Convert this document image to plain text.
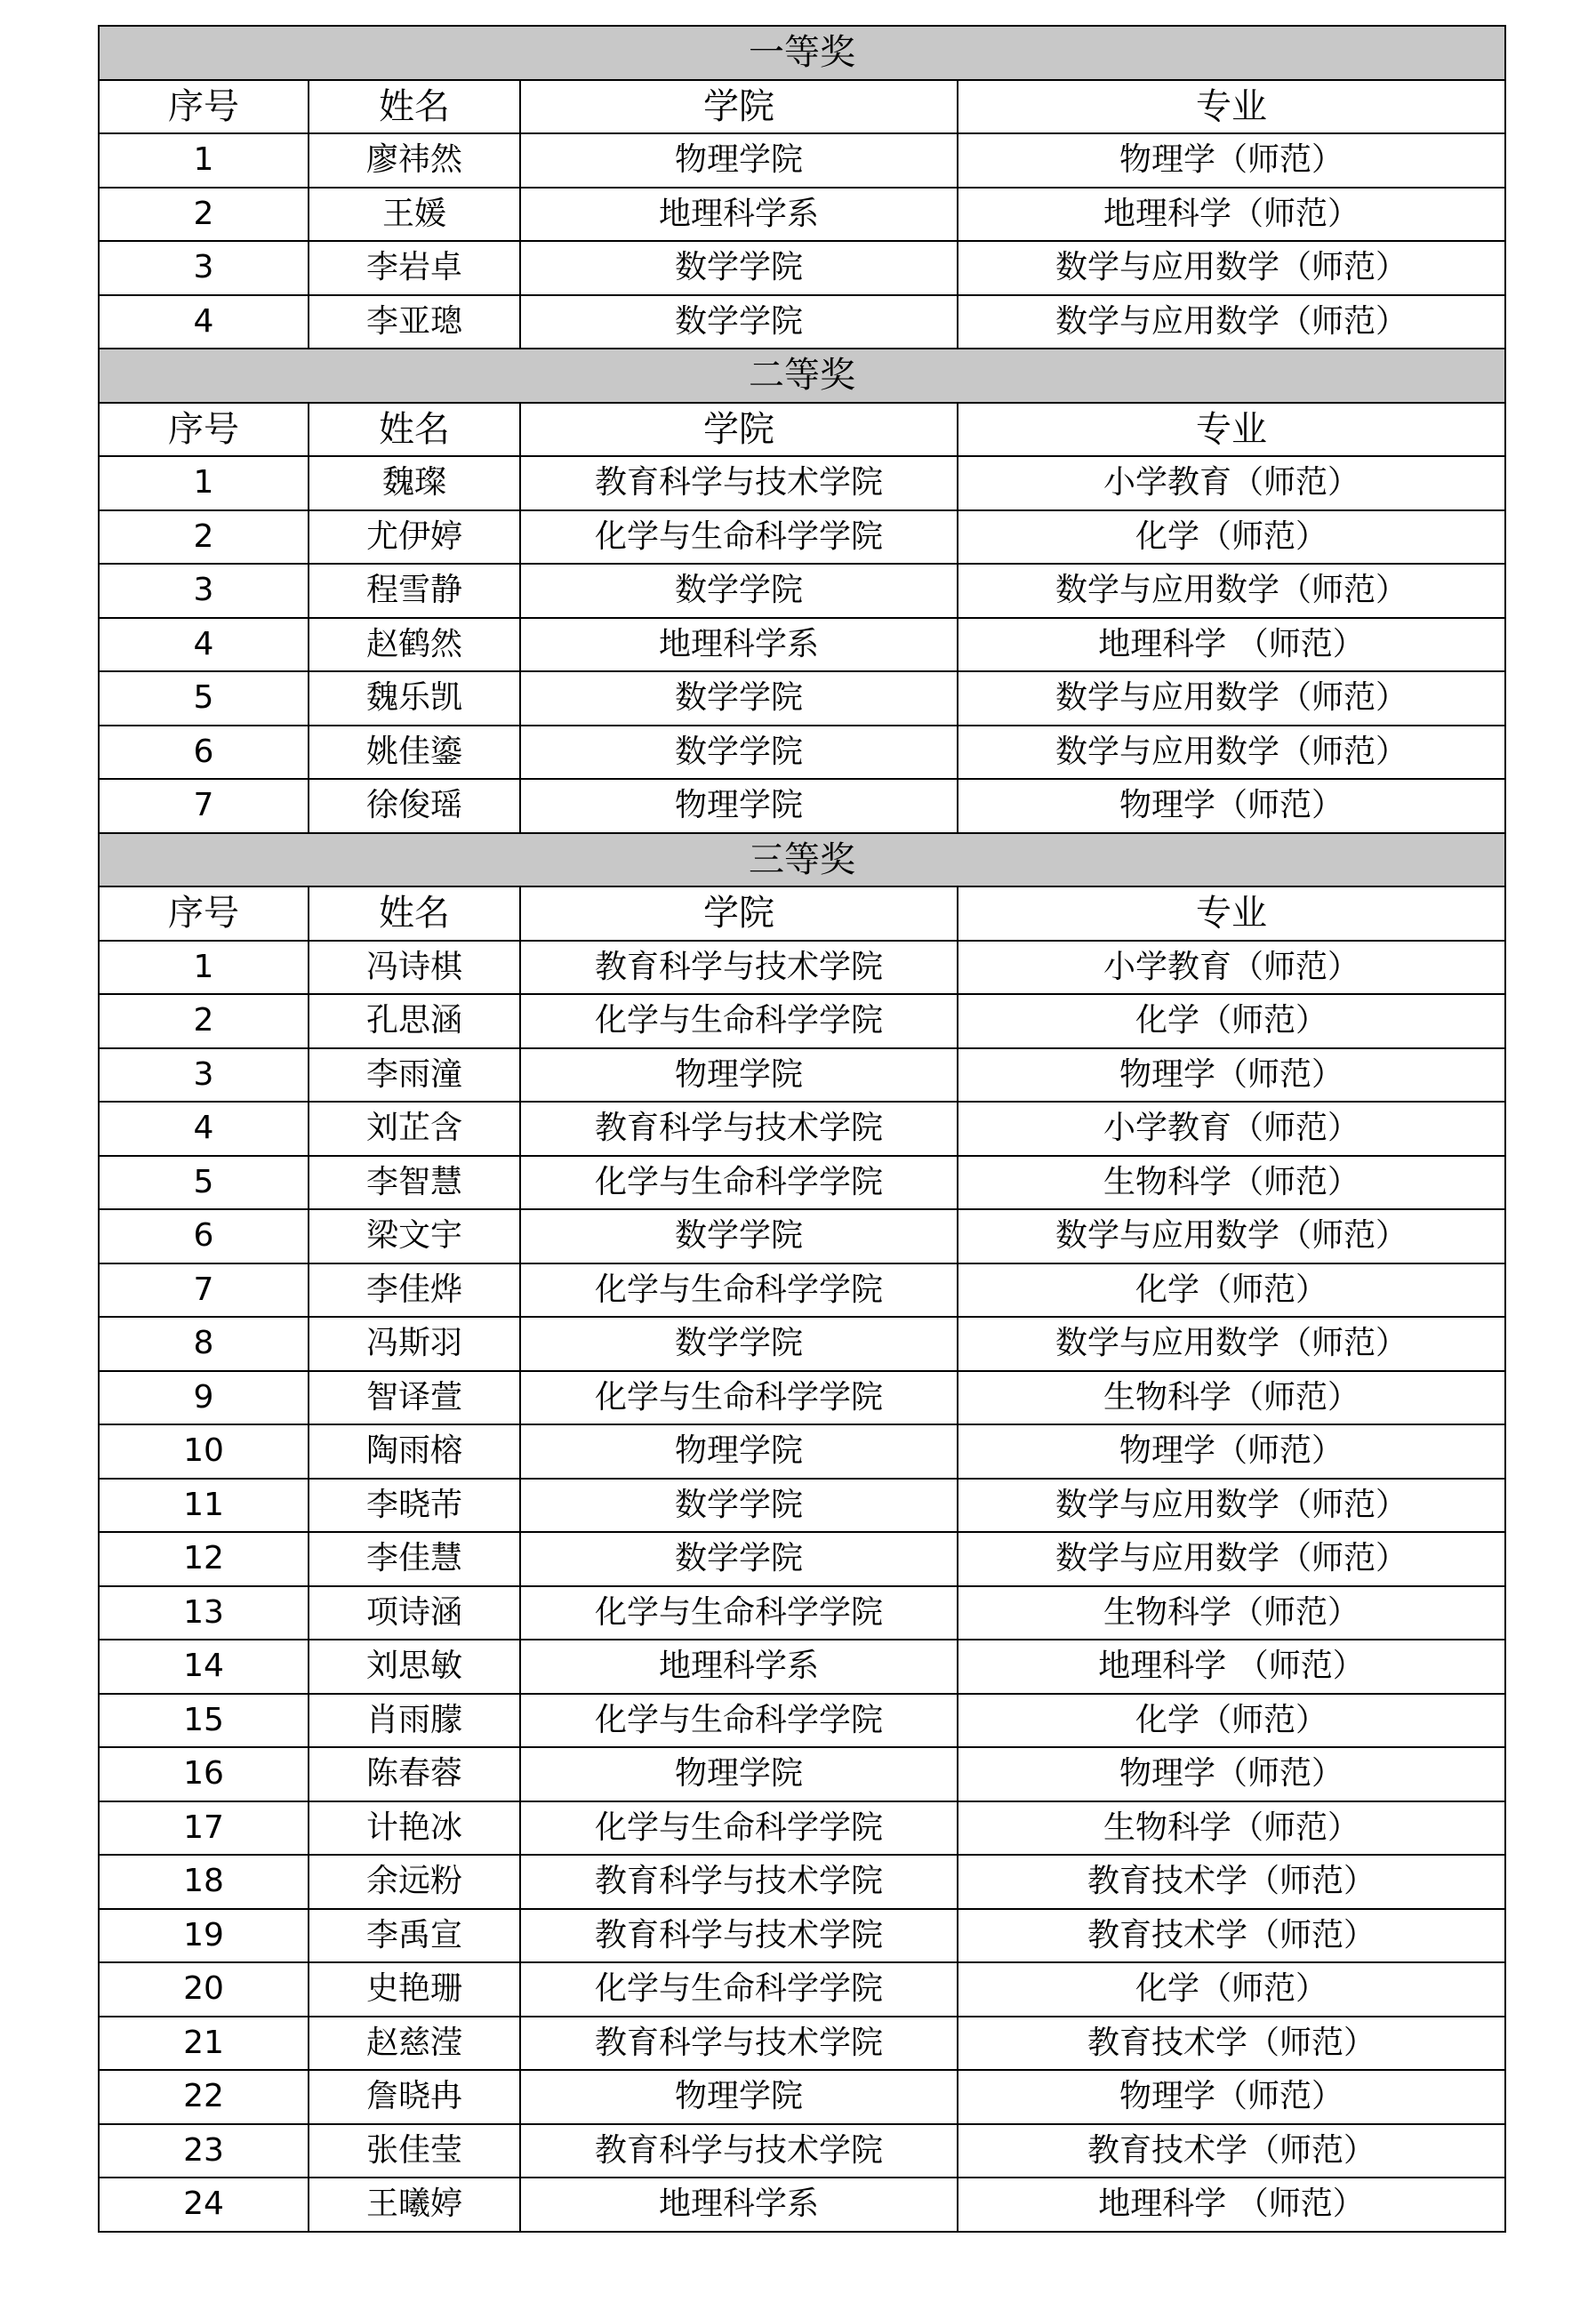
一等奖			
序号	姓名	学院	专业
1	廖祎然	物理学院	物理学（师范）
2	王媛	地理科学系	地理科学（师范）
3	李岩卓	数学学院	数学与应用数学（师范）
4	李亚璁	数学学院	数学与应用数学（师范）
二等奖			
序号	姓名	学院	专业
1	魏璨	教育科学与技术学院	小学教育（师范）
2	尤伊婷	化学与生命科学学院	化学（师范）
3	程雪静	数学学院	数学与应用数学（师范）
4	赵鹤然	地理科学系	地理科学 （师范）
5	魏乐凯	数学学院	数学与应用数学（师范）
6	姚佳鎏	数学学院	数学与应用数学（师范）
7	徐俊瑶	物理学院	物理学（师范）
三等奖			
序号	姓名	学院	专业
1	冯诗棋	教育科学与技术学院	小学教育（师范）
2	孔思涵	化学与生命科学学院	化学（师范）
3	李雨潼	物理学院	物理学（师范）
4	刘芷含	教育科学与技术学院	小学教育（师范）
5	李智慧	化学与生命科学学院	生物科学（师范）
6	梁文宇	数学学院	数学与应用数学（师范）
7	李佳烨	化学与生命科学学院	化学（师范）
8	冯斯羽	数学学院	数学与应用数学（师范）
9	智译萱	化学与生命科学学院	生物科学（师范）
10	陶雨榕	物理学院	物理学（师范）
11	李晓芾	数学学院	数学与应用数学（师范）
12	李佳慧	数学学院	数学与应用数学（师范）
13	项诗涵	化学与生命科学学院	生物科学（师范）
14	刘思敏	地理科学系	地理科学 （师范）
15	肖雨朦	化学与生命科学学院	化学（师范）
16	陈春蓉	物理学院	物理学（师范）
17	计艳冰	化学与生命科学学院	生物科学（师范）
18	余远粉	教育科学与技术学院	教育技术学（师范）
19	李禹宣	教育科学与技术学院	教育技术学（师范）
20	史艳珊	化学与生命科学学院	化学（师范）
21	赵慈滢	教育科学与技术学院	教育技术学（师范）
22	詹晓冉	物理学院	物理学（师范）
23	张佳莹	教育科学与技术学院	教育技术学（师范）
24	王曦婷	地理科学系	地理科学 （师范）
